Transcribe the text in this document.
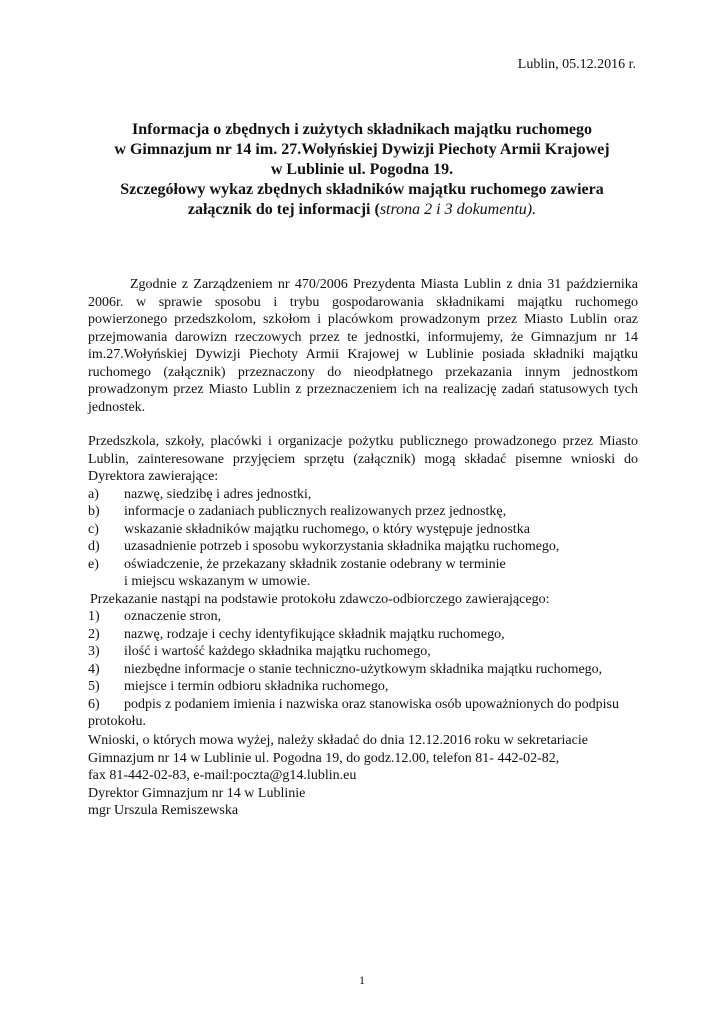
Lublin, 05.12.2016 r.
Informacja o zbędnych i zużytych składnikach majątku ruchomego
w Gimnazjum nr 14 im. 27.Wołyńskiej Dywizji Piechoty Armii Krajowej
w Lublinie ul. Pogodna 19.
Szczegółowy wykaz zbędnych składników majątku ruchomego zawiera
załącznik do tej informacji (strona 2 i 3 dokumentu).

Zgodnie z Zarządzeniem nr 470/2006 Prezydenta Miasta Lublin z dnia 31 października 2006r. w sprawie sposobu i trybu gospodarowania składnikami majątku ruchomego powierzonego przedszkolom, szkołom i placówkom prowadzonym przez Miasto Lublin oraz przejmowania darowizn rzeczowych przez te jednostki, informujemy, że Gimnazjum nr 14 im.27.Wołyńskiej Dywizji Piechoty Armii Krajowej w Lublinie posiada składniki majątku ruchomego (załącznik) przeznaczony do nieodpłatnego przekazania innym jednostkom prowadzonym przez Miasto Lublin z przeznaczeniem ich na realizację zadań statusowych tych jednostek.

Przedszkola, szkoły, placówki i organizacje pożytku publicznego prowadzonego przez Miasto Lublin, zainteresowane przyjęciem sprzętu (załącznik) mogą składać pisemne wnioski do Dyrektora zawierające:

a) nazwę, siedzibę i adres jednostki,
b) informacje o zadaniach publicznych realizowanych przez jednostkę,
c) wskazanie składników majątku ruchomego, o który występuje jednostka
d) uzasadnienie potrzeb i sposobu wykorzystania składnika majątku ruchomego,
e) oświadczenie, że przekazany składnik zostanie odebrany w terminie
i miejscu wskazanym w umowie.

Przekazanie nastąpi na podstawie protokołu zdawczo-odbiorczego zawierającego:

1) oznaczenie stron,
2) nazwę, rodzaje i cechy identyfikujące składnik majątku ruchomego,
3) ilość i wartość każdego składnika majątku ruchomego,
4) niezbędne informacje o stanie techniczno-użytkowym składnika majątku ruchomego,
5) miejsce i termin odbioru składnika ruchomego,
6) podpis z podaniem imienia i nazwiska oraz stanowiska osób upoważnionych do podpisu protokołu.
Wnioski, o których mowa wyżej, należy składać do dnia 12.12.2016 roku w sekretariacie
Gimnazjum nr 14 w Lublinie ul. Pogodna 19, do godz.12.00, telefon 81- 442-02-82,
fax 81-442-02-83, e-mail:poczta@g14.lublin.eu
Dyrektor Gimnazjum nr 14 w Lublinie
mgr Urszula Remiszewska
1
